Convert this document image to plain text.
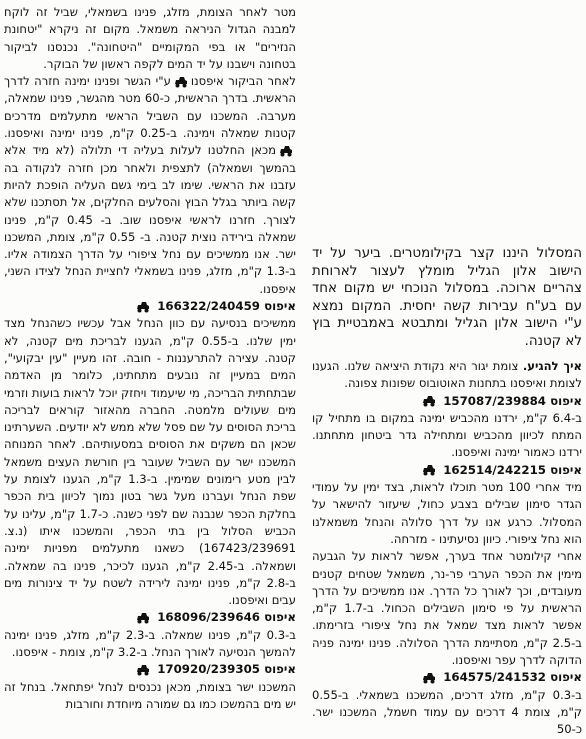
מטר לאחר הצומת, מזלג, פנינו בשמאלי, שביל זה לוקח למבנה הגדול הניראה משמאל. מקום זה ניקרא "יטחונת הנזירים" או בפי המקומיים "היטחונה". נכנסנו לביקור בטחונה וישבנו על יד המים לקפה ראשון של הבוקר.

לאחר הביקור איפסנו
ע"י הגשר ופנינו ימינה חזרה לדרך הראשית. בדרך הראשית, כ-60 מטר מהגשר, פנינו שמאלה, מערבה. המשכנו עם השביל הראשי מתעלמים מדרכים קטנות שמאלה וימינה. ב-0.25 ק"מ, פנינו ימינה ואיפסנו.
מכאן החלטנו לעלות בעליה די תלולה (לא מיד אלא בהמשך ושמאלה) לתצפית ולאחר מכן חזרה לנקודה בה עזבנו את הראשי. שימו לב בימי גשם העליה הופכת להיות קשה ביותר בגלל הבוץ והסלעים החלקים, אל תסתכנו שלא לצורך. חזרנו לראשי איפסנו שוב. ב- 0.45 ק"מ, פנינו שמאלה בירידה נוצית קטנה. ב- 0.55 ק"מ, צומת, המשכנו ישר. אנו ממשיכים עם נחל ציפורי על הדרך הצמודה אליו. ב-1.3 ק"מ, מזלג, פנינו בשמאלי לחציית הנחל לצידו השני, איפסנו.

איפוס 166322/240459

ממשיכים בנסיעה עם כוון הנחל אבל עכשיו כשהנחל מצד ימין שלנו. ב-0.55 ק"מ, הגענו לבריכת מים קטנה, לא קטנה. עצירה להתרעננות - חובה. זהו מעיין "עין יבקועי", המים במעיין זה נובעים מתחתינו, כלומר מן האדמה שבתחתית הבריכה, מי שיעמוד ויחזק יוכל לראות בועות וזרמי מים שעולים מלמטה. החברה מהאזור קוראים לבריכה בריכת הסוסים על שם פסל שלא ממש לא יודעים. השערתינו שכאן הם משקים את הסוסים במסעותיהם. לאחר המנוחה המשכנו ישר עם השביל שעובר בין חורשת העצים משמאל לבין מטע רימונים שמימין. ב-1.3 ק"מ, הגענו לצומת על שפת הנחל ועברנו מעל גשר בטון נמוך לכיוון בית הכפר בחלקת הכפר שנבנה שם לפני כשנה. כ-1.7 ק"מ, עלינו על הכביש הסלול בין בתי הכפר, והמשכנו איתו (נ.צ. 167423/239691) כשאנו מתעלמים מפניות ימינה ושמאלה. ב-2.45 ק"מ, הגענו לכיכר, פנינו בה שמאלה. ב-2.8 ק"מ, פנינו ימינה לירידה לשטח על יד צינורות מים עבים ואיפסנו.

איפוס 168096/239646

ב-0.3 ק"מ, פנינו שמאלה. ב-2.3 ק"מ, מזלג, פנינו ימינה להמשך הנסיעה לאורך הנחל. ב-3.2 ק"מ, צומת - איפסנו.

איפוס 170920/239305

המשכנו ישר בצומת, מכאן נכנסים לנחל יפתחאל. בנחל זה יש מים בהמשכו כמו גם שמורה מיוחדת וחורבות

המסלול היננו קצר בקילומטרים. ביער על יד הישוב אלון הגליל מומלץ לעצור לארוחת צהריים ארוכה. במסלול הנוכחי יש מקום אחד עם בע"ח עבירות קשה יחסית. המקום נמצא ע"י הישוב אלון הגליל ומתבטא באמבטיית בוץ לא קטנה.

איך להגיע. צומת יגור היא נקודת היציאה שלנו. הגענו לצומת ואיפסנו בתחנות האוטובוס שפונות צפונה.

איפוס 157087/239884

ב-6.4 ק"מ, ירדנו מהכביש ימינה במקום בו מתחיל קו המתח לכיוון מהכביש ומתחילה גדר ביטחון מתחתנו. ירדנו כאמור ימינה ואיפסנו.

איפוס 162514/242215

מיד אחרי 100 מטר תוכלו לראות, בצד ימין על עמודי הגדר סימון שבילים בצבע כחול, שיעזור להישאר על המסלול. כרגע אנו על דרך סלולה והנחל משמאלנו הוא נחל ציפורי. כיוון נסיעתינו - מזרחה.

אחרי קילומטר אחד בערך, אפשר לראות על הגבעה מימין את הכפר הערבי פר-נר, משמאל שטחים קטנים מעובדים, וכך לאורך כל הדרך. אנו ממשיכים על הדרך הראשית על פי סימון השבילים הכחול. ב-1.7 ק"מ, אפשר לראות מצד שמאל את נחל ציפורי בזרימתו. ב-2.5 ק"מ, מסתיימת הדרך הסלולה. פנינו ימינה פניה הדוקה לדרך עפר ואיפסנו.

איפוס 164575/241532

ב-0.3 ק"מ, מזלג דרכים, המשכנו בשמאלי. ב-0.55 ק"מ, צומת 4 דרכים עם עמוד חשמל, המשכנו ישר. כ-50
